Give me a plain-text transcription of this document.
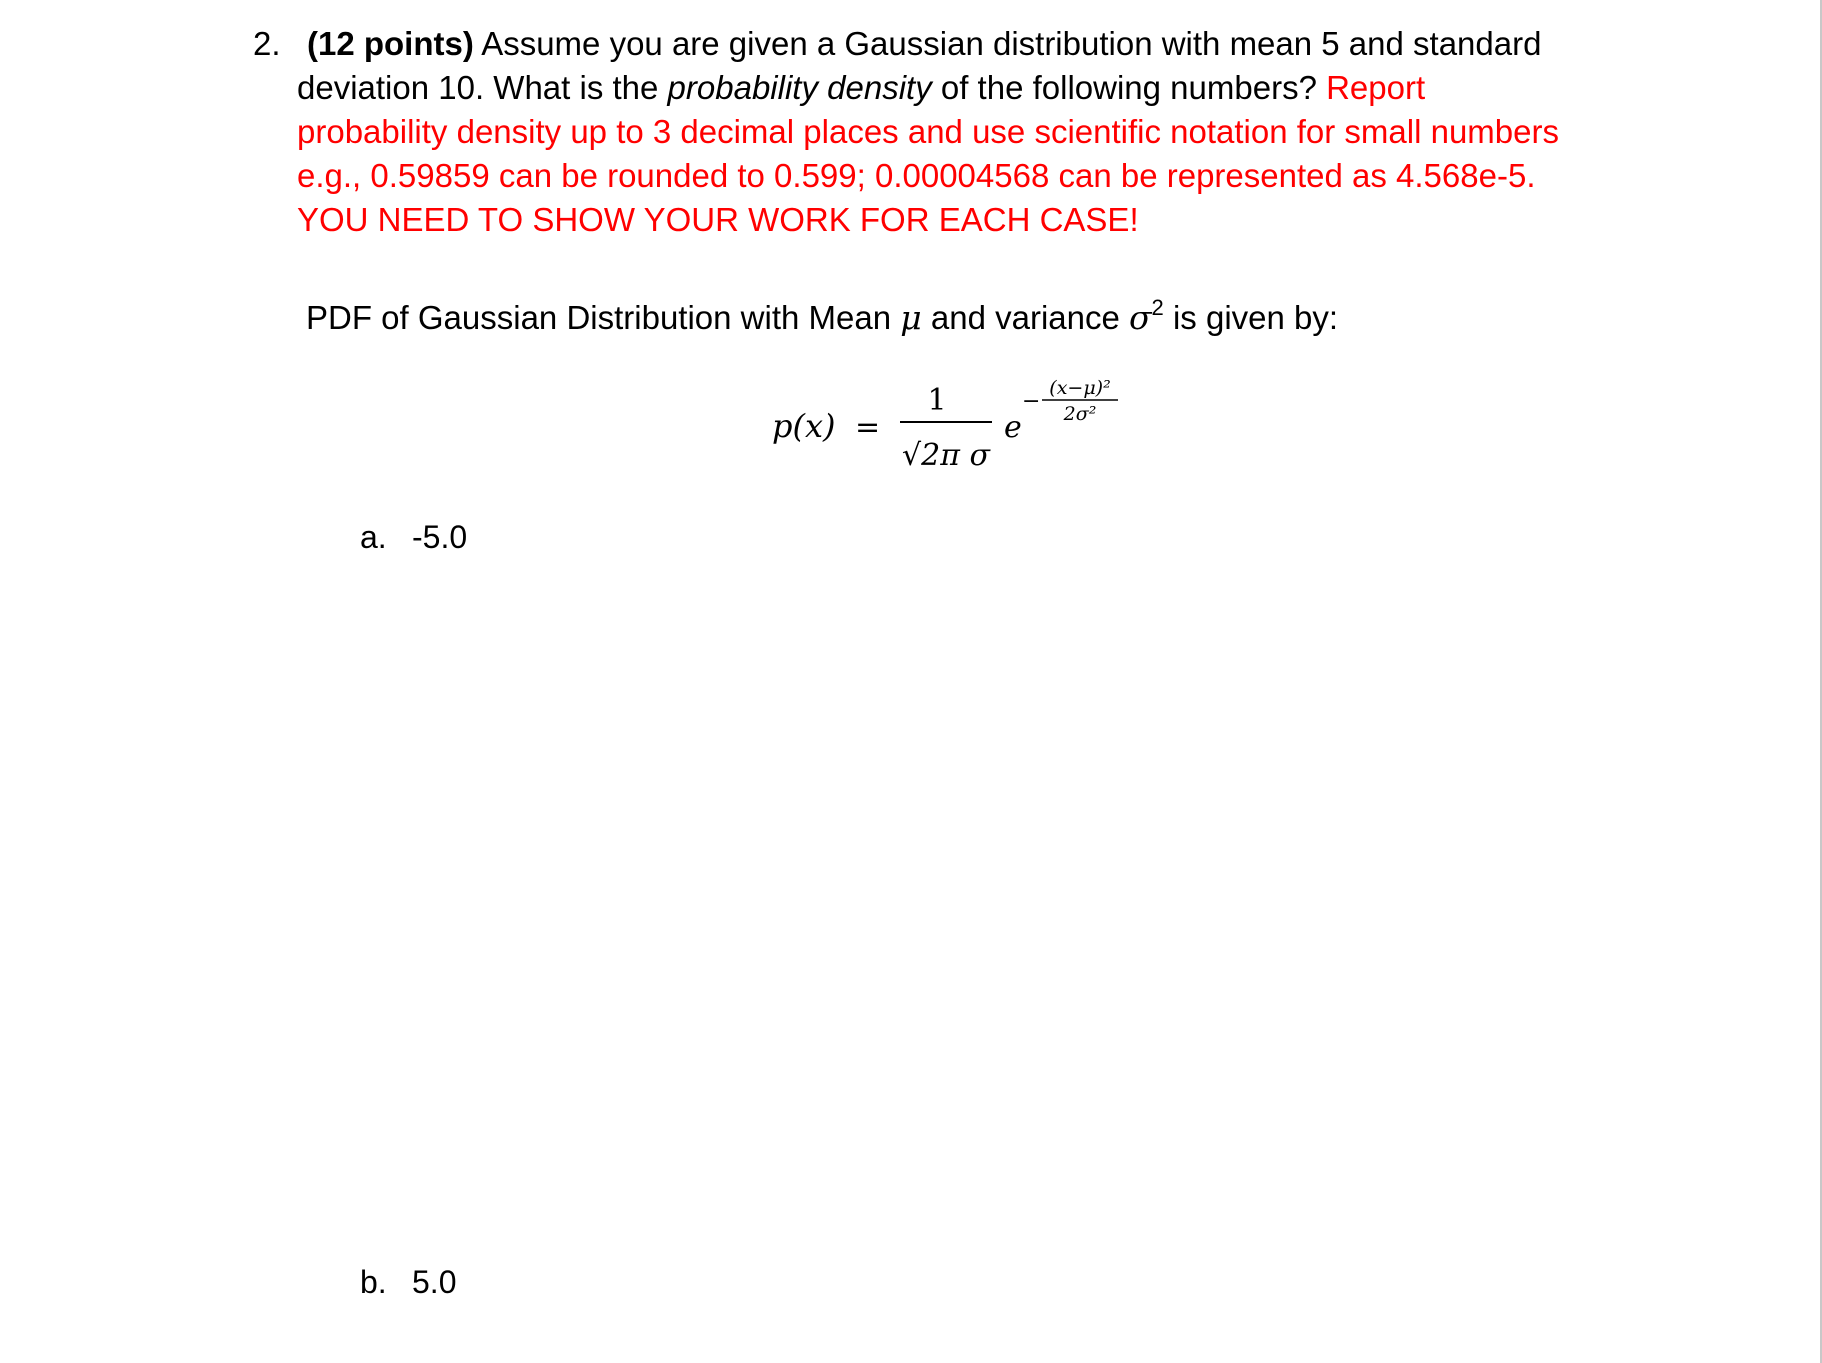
2. (12 points) Assume you are given a Gaussian distribution with mean 5 and standard
deviation 10. What is the probability density of the following numbers? Report
probability density up to 3 decimal places and use scientific notation for small numbers
e.g., 0.59859 can be rounded to 0.599; 0.00004568 can be represented as 4.568e-5.
YOU NEED TO SHOW YOUR WORK FOR EACH CASE!
PDF of Gaussian Distribution with Mean μ and variance $\sigma^2$ is given by:
p(x) =
1
√2π σ
e
−
(x−μ)²
2σ²
a. -5.0
b. 5.0
